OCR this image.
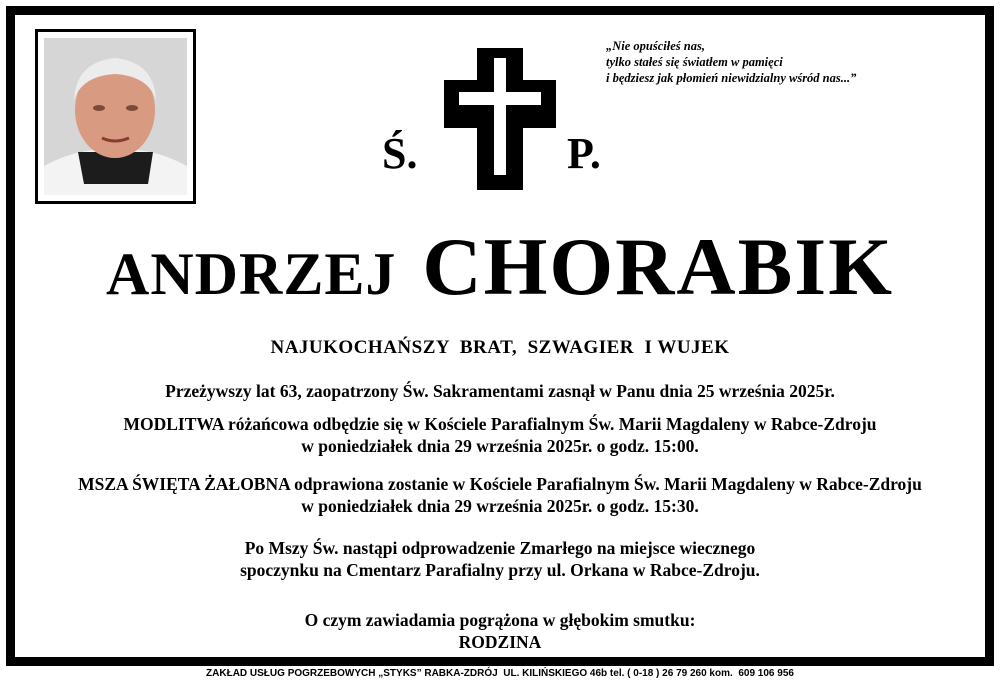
Ś.	P.
„Nie opuściłeś nas,
tylko stałeś się światłem w pamięci
i będziesz jak płomień niewidzialny wśród nas...”
ANDRZEJ CHORABIK
NAJUKOCHAŃSZY  BRAT,  SZWAGIER  I WUJEK
Przeżywszy lat 63, zaopatrzony Św. Sakramentami zasnął w Panu dnia 25 września 2025r.
MODLITWA różańcowa odbędzie się w Kościele Parafialnym Św. Marii Magdaleny w Rabce-Zdroju
w poniedziałek dnia 29 września 2025r. o godz. 15:00.
MSZA ŚWIĘTA ŻAŁOBNA odprawiona zostanie w Kościele Parafialnym Św. Marii Magdaleny w Rabce-Zdroju
w poniedziałek dnia 29 września 2025r. o godz. 15:30.
Po Mszy Św. nastąpi odprowadzenie Zmarłego na miejsce wiecznego
spoczynku na Cmentarz Parafialny przy ul. Orkana w Rabce-Zdroju.
O czym zawiadamia pogrążona w głębokim smutku:
RODZINA
ZAKŁAD USŁUG POGRZEBOWYCH „STYKS” RABKA-ZDRÓJ  UL. KILIŃSKIEGO 46b tel. ( 0-18 ) 26 79 260 kom.  609 106 956
